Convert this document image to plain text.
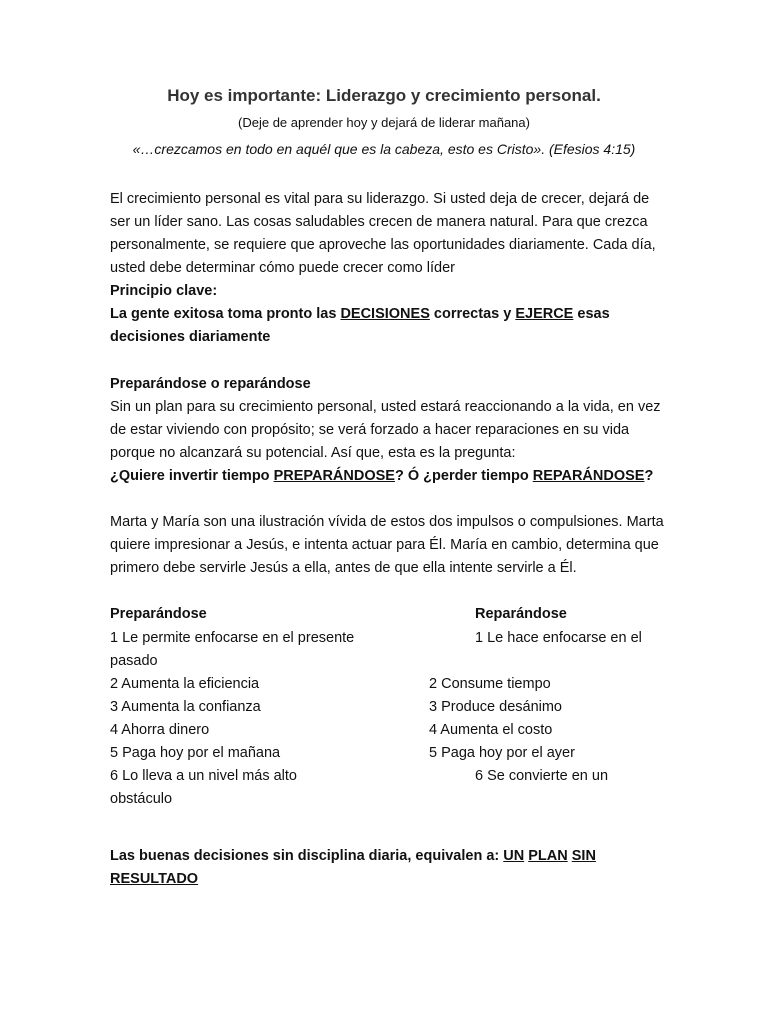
Hoy es importante: Liderazgo y crecimiento personal.
(Deje de aprender hoy y dejará de liderar mañana)
«…crezcamos en todo en aquél que es la cabeza, esto es Cristo». (Efesios 4:15)
El crecimiento personal es vital para su liderazgo. Si usted deja de crecer, dejará de
ser un líder sano. Las cosas saludables crecen de manera natural. Para que crezca
personalmente, se requiere que aproveche las oportunidades diariamente. Cada día,
usted debe determinar cómo puede crecer como líder
Principio clave:
La gente exitosa toma pronto las DECISIONES correctas y EJERCE esas
decisiones diariamente
Preparándose o reparándose
Sin un plan para su crecimiento personal, usted estará reaccionando a la vida, en vez
de estar viviendo con propósito; se verá forzado a hacer reparaciones en su vida
porque no alcanzará su potencial. Así que, esta es la pregunta:
¿Quiere invertir tiempo PREPARÁNDOSE? Ó ¿perder tiempo REPARÁNDOSE?
Marta y María son una ilustración vívida de estos dos impulsos o compulsiones. Marta
quiere impresionar a Jesús, e intenta actuar para Él. María en cambio, determina que
primero debe servirle Jesús a ella, antes de que ella intente servirle a Él.
Preparándose	Reparándose
1 Le permite enfocarse en el presente	1 Le hace enfocarse en el
pasado
2 Aumenta la eficiencia	2 Consume tiempo
3 Aumenta la confianza	3 Produce desánimo
4 Ahorra dinero	4 Aumenta el costo
5 Paga hoy por el mañana	5 Paga hoy por el ayer
6 Lo lleva a un nivel más alto	6 Se convierte en un
obstáculo
Las buenas decisiones sin disciplina diaria, equivalen a: UN PLAN SIN
RESULTADO
